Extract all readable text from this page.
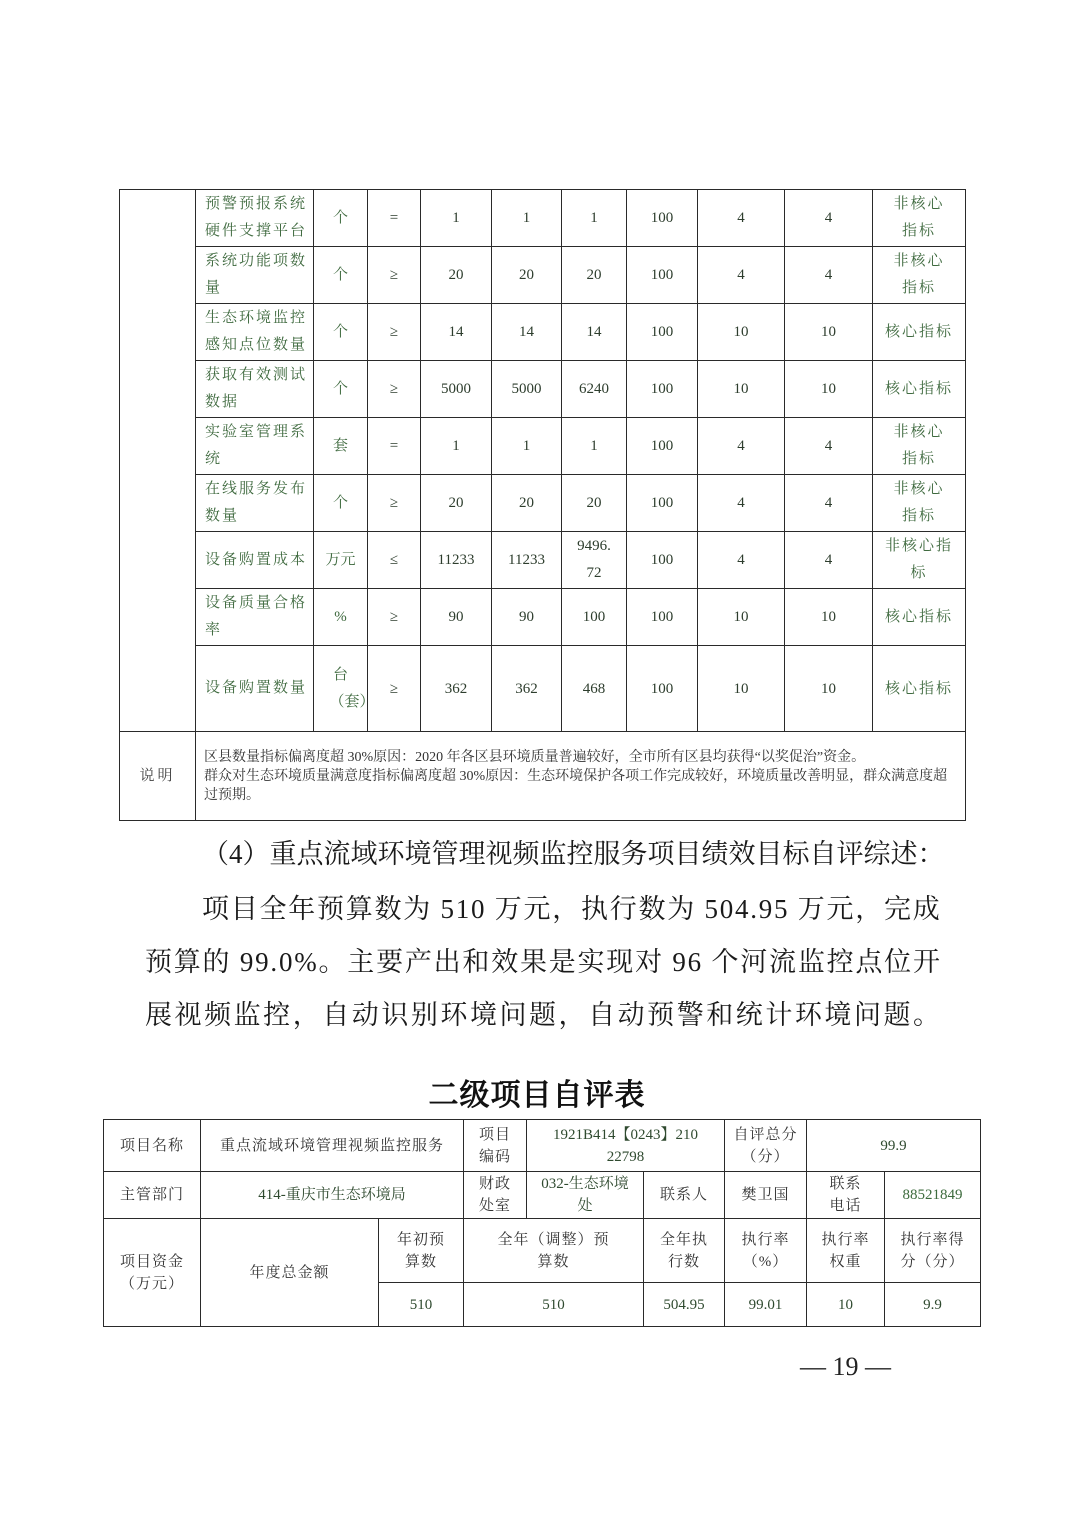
	预警预报系统硬件支撑平台	个	=	1	1	1	100	4	4	非核心指标
	系统功能项数量	个	≥	20	20	20	100	4	4	非核心指标
	生态环境监控感知点位数量	个	≥	14	14	14	100	10	10	核心指标
	获取有效测试数据	个	≥	5000	5000	6240	100	10	10	核心指标
	实验室管理系统	套	=	1	1	1	100	4	4	非核心指标
	在线服务发布数量	个	≥	20	20	20	100	4	4	非核心指标
	设备购置成本	万元	≤	11233	11233	9496.72	100	4	4	非核心指标
	设备质量合格率	%	≥	90	90	100	100	10	10	核心指标
	设备购置数量	台（套）	≥	362	362	468	100	10	10	核心指标
说明	区县数量指标偏离度超 30%原因：2020 年各区县环境质量普遍较好，全市所有区县均获得“以奖促治”资金。
群众对生态环境质量满意度指标偏离度超 30%原因：生态环境保护各项工作完成较好，环境质量改善明显，群众满意度超过预期。									
（4）重点流域环境管理视频监控服务项目绩效目标自评综述：
项目全年预算数为 510 万元，执行数为 504.95 万元，完成
预算的 99.0%。主要产出和效果是实现对 96 个河流监控点位开
展视频监控，自动识别环境问题，自动预警和统计环境问题。
二级项目自评表
项目名称	重点流域环境管理视频监控服务		项目编码	1921B414【0243】21022798		自评总分（分）	99.9	
主管部门	414-重庆市生态环境局		财政处室	032-生态环境处	联系人	樊卫国	联系电话	88521849
项目资金（万元）	年度总金额	年初预算数	全年（调整）预算数		全年执行数	执行率（%）	执行率权重	执行率得分（分）
		510	510		504.95	99.01	10	9.9
— 19 —
